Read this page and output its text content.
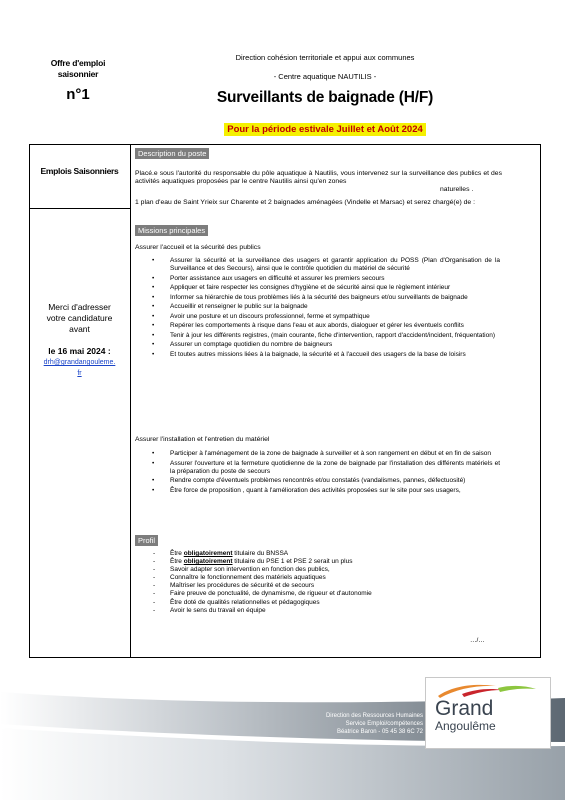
Offre d'emploi
saisonnier
n°1
Direction cohésion territoriale et appui aux communes
- Centre aquatique NAUTILIS -
Surveillants de baignade (H/F)
Pour la période estivale Juillet et Août 2024
Emplois Saisonniers
Merci d'adresser
votre candidature
avant
le 16 mai 2024 :
drh@grandangouleme.
fr
Description du poste
Placé.e sous l'autorité du responsable du pôle aquatique à Nautilis, vous intervenez sur la surveillance des publics et des activités aquatiques proposées par le centre Nautilis ainsi qu'en zones
naturelles .
1 plan d'eau de Saint Yrieix sur Charente et 2 baignades aménagées (Vindelle et Marsac) et serez chargé(e) de :
Missions principales
Assurer l'accueil et la sécurité des publics
• Assurer la sécurité et la surveillance des usagers et garantir application du POSS (Plan d'Organisation de la Surveillance et des Secours), ainsi que le contrôle quotidien du matériel de sécurité
• Porter assistance aux usagers en difficulté et assurer les premiers secours
• Appliquer et faire respecter les consignes d'hygiène et de sécurité ainsi que le règlement intérieur
• Informer sa hiérarchie de tous problèmes liés à la sécurité des baigneurs et/ou surveillants de baignade
• Accueillir et renseigner le public sur la baignade
• Avoir une posture et un discours professionnel, ferme et sympathique
• Repérer les comportements à risque dans l'eau et aux abords, dialoguer et gérer les éventuels conflits
• Tenir à jour les différents registres, (main courante, fiche d'intervention, rapport d'accident/incident, fréquentation)
• Assurer un comptage quotidien du nombre de baigneurs
• Et toutes autres missions liées à la baignade, la sécurité et à l'accueil des usagers de la base de loisirs
Assurer l'installation et l'entretien du matériel
• Participer à l'aménagement de la zone de baignade à surveiller et à son rangement en début et en fin de saison
• Assurer l'ouverture et la fermeture quotidienne de la zone de baignade par l'installation des différents matériels et la préparation du poste de secours
• Rendre compte d'éventuels problèmes rencontrés et/ou constatés (vandalismes, pannes, défectuosité)
• Être force de proposition , quant à l'amélioration des activités proposées sur le site pour ses usagers,
Profil
- Être obligatoirement titulaire du BNSSA
- Être obligatoirement titulaire du PSE 1 et PSE 2 serait un plus
- Savoir adapter son intervention en fonction des publics,
- Connaître le fonctionnement des matériels aquatiques
- Maîtriser les procédures de sécurité et de secours
- Faire preuve de ponctualité, de dynamisme, de rigueur et d'autonomie
- Être doté de qualités relationnelles et pédagogiques
- Avoir le sens du travail en équipe
…/…
Direction des Ressources Humaines
Service Emploi/compétences
Béatrice Baron - 05 45 38 6C 72
Grand
Angoulême
